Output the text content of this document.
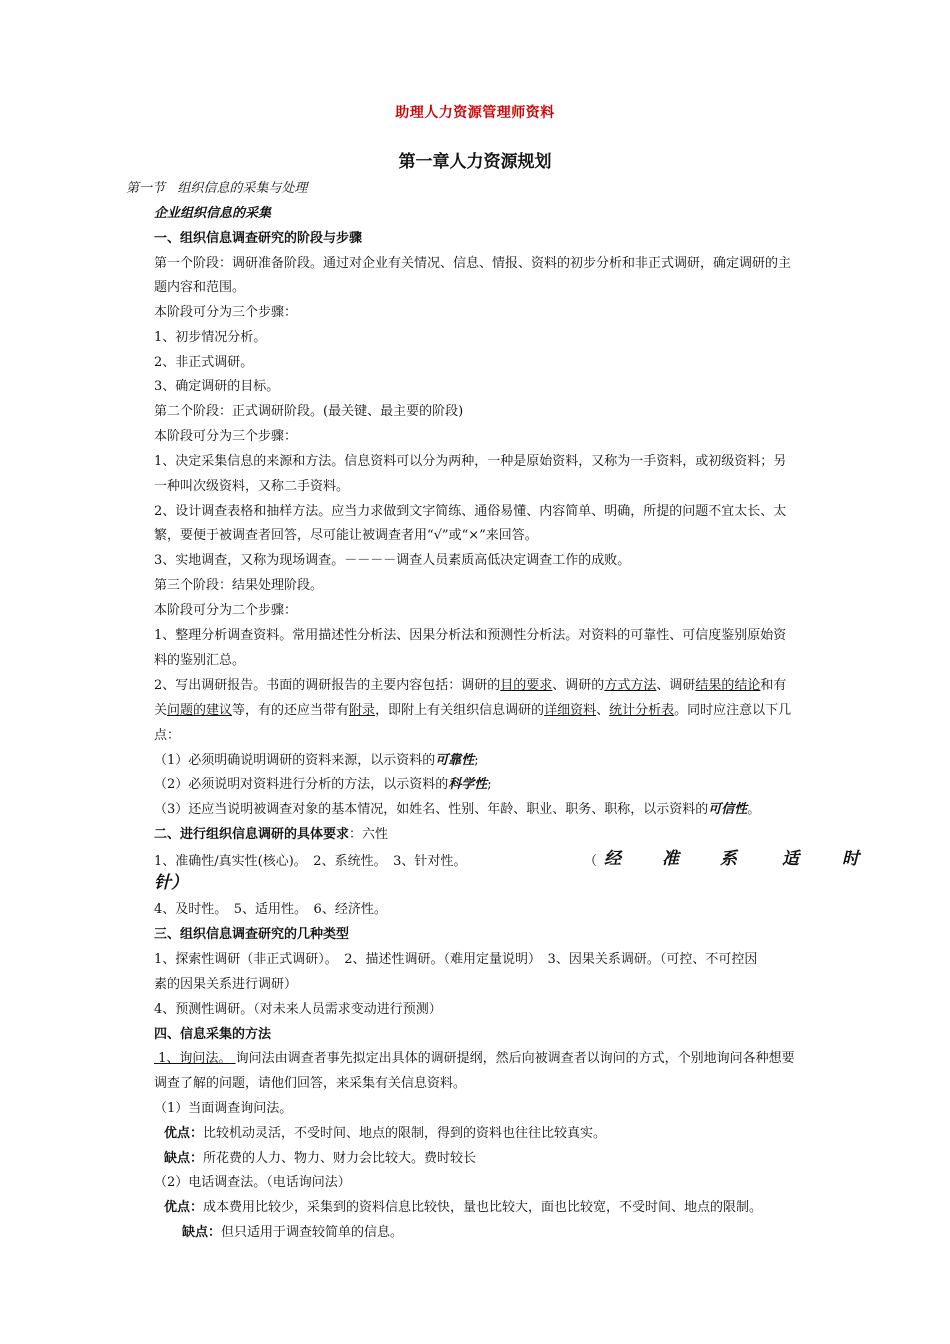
助理人力资源管理师资料
第一章人力资源规划
第一节 组织信息的采集与处理
企业组织信息的采集
一、组织信息调查研究的阶段与步骤
第一个阶段：调研准备阶段。通过对企业有关情况、信息、情报、资料的初步分析和非正式调研，确定调研的主
题内容和范围。
本阶段可分为三个步骤：
1、初步情况分析。
2、非正式调研。
3、确定调研的目标。
第二个阶段：正式调研阶段。(最关键、最主要的阶段)
本阶段可分为三个步骤：
1、决定采集信息的来源和方法。信息资料可以分为两种，一种是原始资料，又称为一手资料，或初级资料；另
一种叫次级资料，又称二手资料。
2、设计调查表格和抽样方法。应当力求做到文字简练、通俗易懂、内容简单、明确，所提的问题不宜太长、太
繁，要便于被调查者回答，尽可能让被调查者用“√”或“×”来回答。
3、实地调查，又称为现场调查。－－－－调查人员素质高低决定调查工作的成败。
第三个阶段：结果处理阶段。
本阶段可分为二个步骤：
1、整理分析调查资料。常用描述性分析法、因果分析法和预测性分析法。对资料的可靠性、可信度鉴别原始资
料的鉴别汇总。
2、写出调研报告。书面的调研报告的主要内容包括：调研的目的要求、调研的方式方法、调研结果的结论和有
关问题的建议等，有的还应当带有附录，即附上有关组织信息调研的详细资料、统计分析表。同时应注意以下几
点：
（1）必须明确说明调研的资料来源，以示资料的可靠性;
（2）必须说明对资料进行分析的方法，以示资料的科学性;
（3）还应当说明被调查对象的基本情况，如姓名、性别、年龄、职业、职务、职称，以示资料的可信性。
二、进行组织信息调研的具体要求：六性
1、准确性/真实性(核心)。　2、系统性。　3、针对性。	（ 经 准 系	适	时
针）
4、及时性。　5、适用性。　6、经济性。
三、组织信息调查研究的几种类型
1、探索性调研（非正式调研）。　2、描述性调研。（难用定量说明）　3、因果关系调研。（可控、不可控因
素的因果关系进行调研）
4、预测性调研。（对未来人员需求变动进行预测）
四、信息采集的方法
1、询问法。 询问法由调查者事先拟定出具体的调研提纲，然后向被调查者以询问的方式，个别地询问各种想要
调查了解的问题，请他们回答，来采集有关信息资料。
（1）当面调查询问法。
优点：比较机动灵活，不受时间、地点的限制，得到的资料也往往比较真实。
缺点：所花费的人力、物力、财力会比较大。费时较长
（2）电话调查法。（电话询问法）
优点：成本费用比较少，采集到的资料信息比较快，量也比较大，面也比较宽，不受时间、地点的限制。
缺点：但只适用于调查较简单的信息。
